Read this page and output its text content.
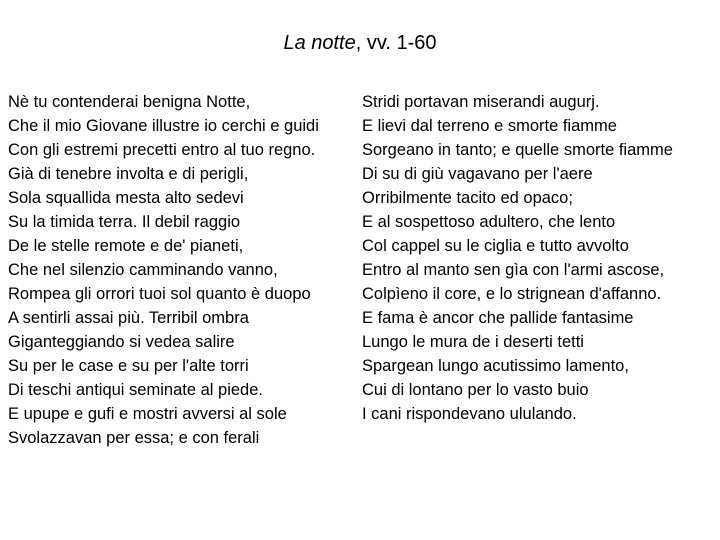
La notte, vv. 1-60
Nè tu contenderai benigna Notte,
Che il mio Giovane illustre io cerchi e guidi
Con gli estremi precetti entro al tuo regno.
Già di tenebre involta e di perigli,
Sola squallida mesta alto sedevi
Su la timida terra. Il debil raggio
De le stelle remote e de' pianeti,
Che nel silenzio camminando vanno,
Rompea gli orrori tuoi sol quanto è duopo
A sentirli assai più. Terribil ombra
Giganteggiando si vedea salire
Su per le case e su per l'alte torri
Di teschi antiqui seminate al piede.
E upupe e gufi e mostri avversi al sole
Svolazzavan per essa; e con ferali
Stridi portavan miserandi augurj.
E lievi dal terreno e smorte fiamme
Sorgeano in tanto; e quelle smorte fiamme
Di su di giù vagavano per l'aere
Orribilmente tacito ed opaco;
E al sospettoso adultero, che lento
Col cappel su le ciglia e tutto avvolto
Entro al manto sen gìa con l'armi ascose,
Colpìeno il core, e lo strignean d'affanno.
E fama è ancor che pallide fantasime
Lungo le mura de i deserti tetti
Spargean lungo acutissimo lamento,
Cui di lontano per lo vasto buio
I cani rispondevano ululando.
